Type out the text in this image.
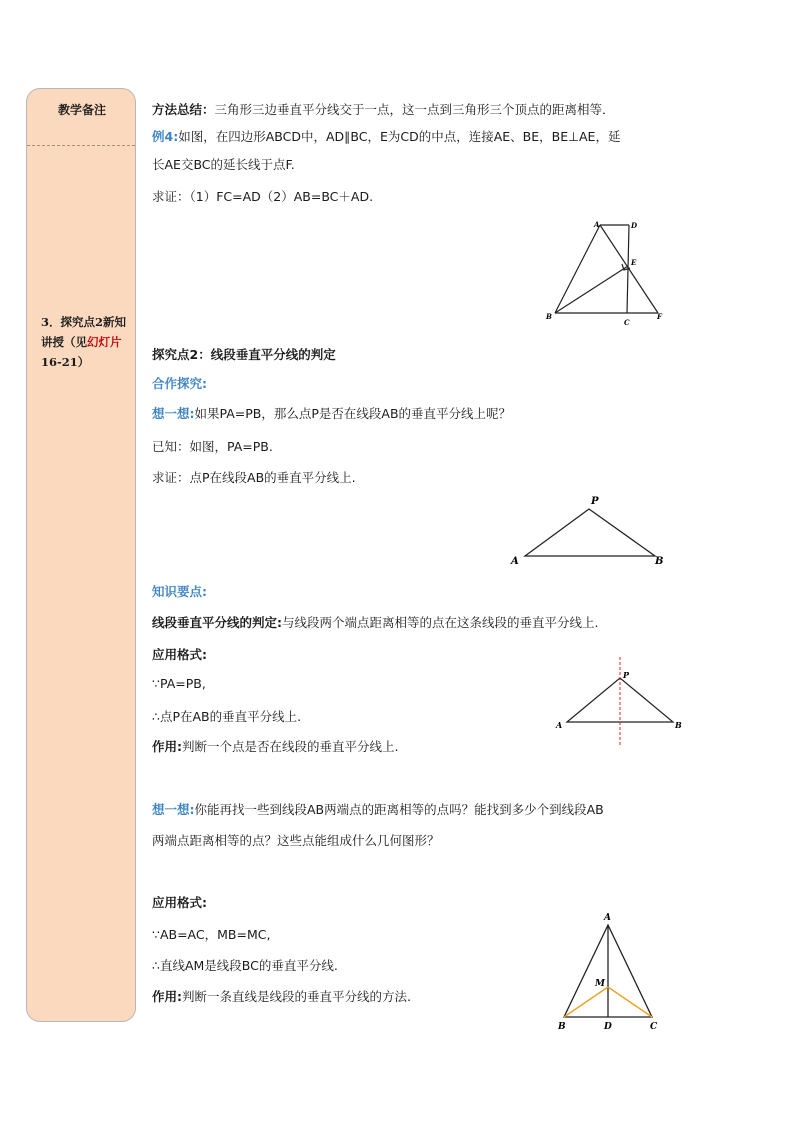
教学备注
3．探究点2新知讲授（见幻灯片16-21）
方法总结：三角形三边垂直平分线交于一点，这一点到三角形三个顶点的距离相等．
例4:如图，在四边形ABCD中，AD∥BC，E为CD的中点，连接AE、BE，BE⊥AE，延
长AE交BC的延长线于点F.
求证：（1）FC=AD（2）AB=BC＋AD.
探究点2：线段垂直平分线的判定
合作探究:
想一想:如果PA=PB，那么点P是否在线段AB的垂直平分线上呢？
已知：如图，PA=PB.
求证：点P在线段AB的垂直平分线上.
知识要点:
线段垂直平分线的判定:与线段两个端点距离相等的点在这条线段的垂直平分线上.
应用格式:
∵PA=PB,
∴点P在AB的垂直平分线上.
作用:判断一个点是否在线段的垂直平分线上.
想一想:你能再找一些到线段AB两端点的距离相等的点吗？能找到多少个到线段AB
两端点距离相等的点？这些点能组成什么几何图形？
应用格式:
∵AB=AC，MB=MC,
∴直线AM是线段BC的垂直平分线.
作用:判断一条直线是线段的垂直平分线的方法.
A	D
E
B
C
F
P
A	B
P
A	B
A
M
B	D	C
